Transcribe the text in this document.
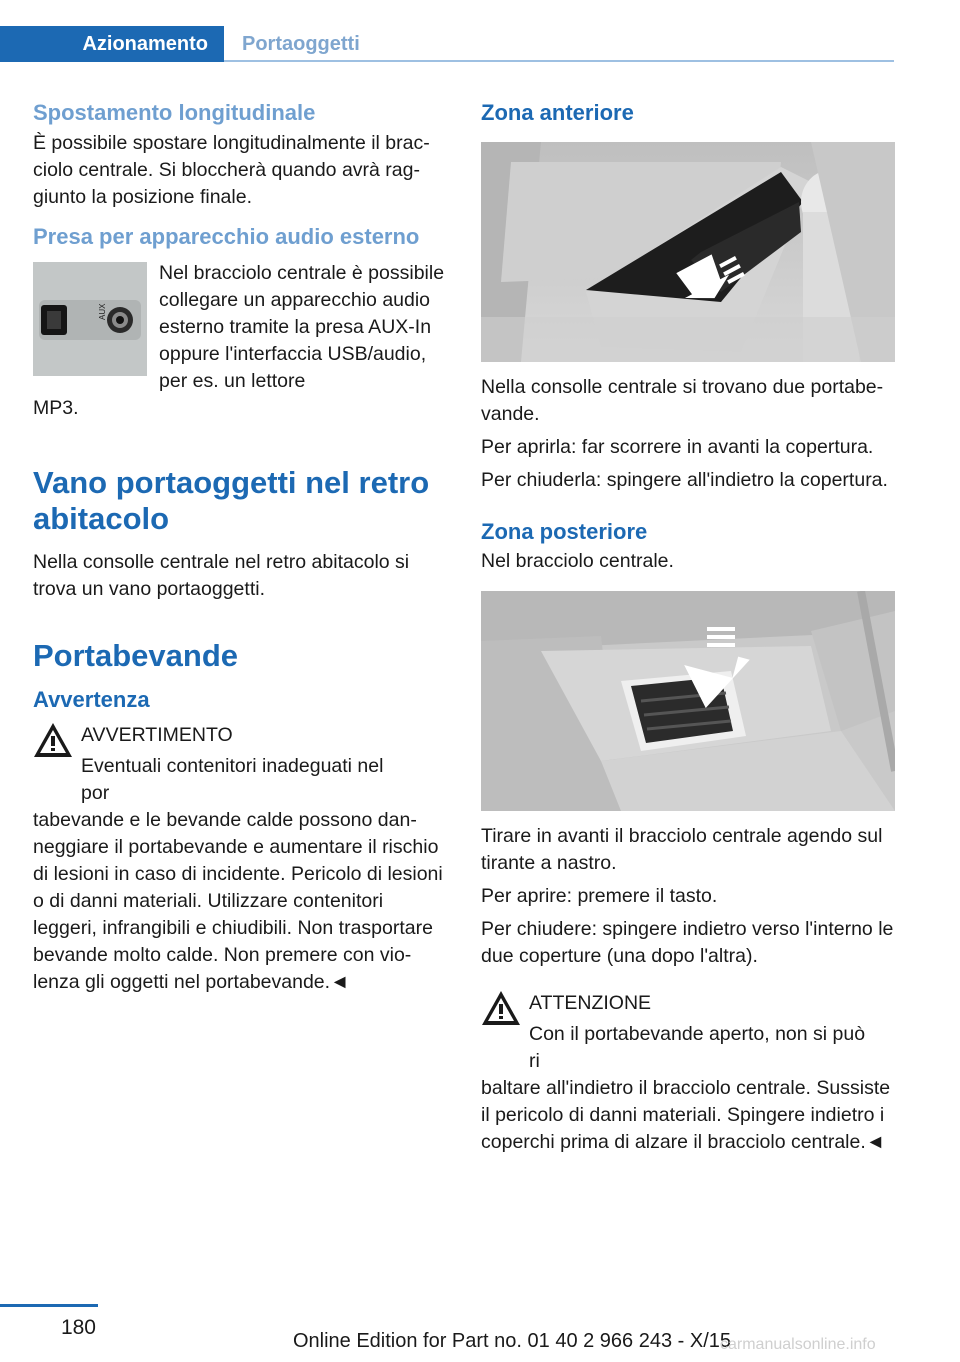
Azionamento	Portaoggetti
Spostamento longitudinale

È possibile spostare longitudinalmente il bracciolo centrale. Si bloccherà quando avrà raggiunto la posizione finale.

Presa per apparecchio audio esterno
AUX

Nel bracciolo centrale è possibile collegare un apparecchio audio esterno tramite la presa AUX-In oppure l'interfaccia USB/audio, per es. un lettore

MP3.

Vano portaoggetti nel retro abitacolo

Nella consolle centrale nel retro abitacolo si trova un vano portaoggetti.

Portabevande
Avvertenza

AVVERTIMENTO

Eventuali contenitori inadeguati nel por

tabevande e le bevande calde possono danneggiare il portabevande e aumentare il rischio di lesioni in caso di incidente. Pericolo di lesioni o di danni materiali. Utilizzare contenitori leggeri, infrangibili e chiudibili. Non trasportare bevande molto calde. Non premere con violenza gli oggetti nel portabevande.◄

Zona anteriore

Nella consolle centrale si trovano due portabevande.

Per aprirla: far scorrere in avanti la copertura.

Per chiuderla: spingere all'indietro la copertura.

Zona posteriore

Nel bracciolo centrale.

Tirare in avanti il bracciolo centrale agendo sul tirante a nastro.

Per aprire: premere il tasto.

Per chiudere: spingere indietro verso l'interno le due coperture (una dopo l'altra).

ATTENZIONE

Con il portabevande aperto, non si può ri

baltare all'indietro il bracciolo centrale. Sussiste il pericolo di danni materiali. Spingere indietro i coperchi prima di alzare il bracciolo centrale.◄

180
Online Edition for Part no. 01 40 2 966 243 - X/15
carmanualsonline.info
